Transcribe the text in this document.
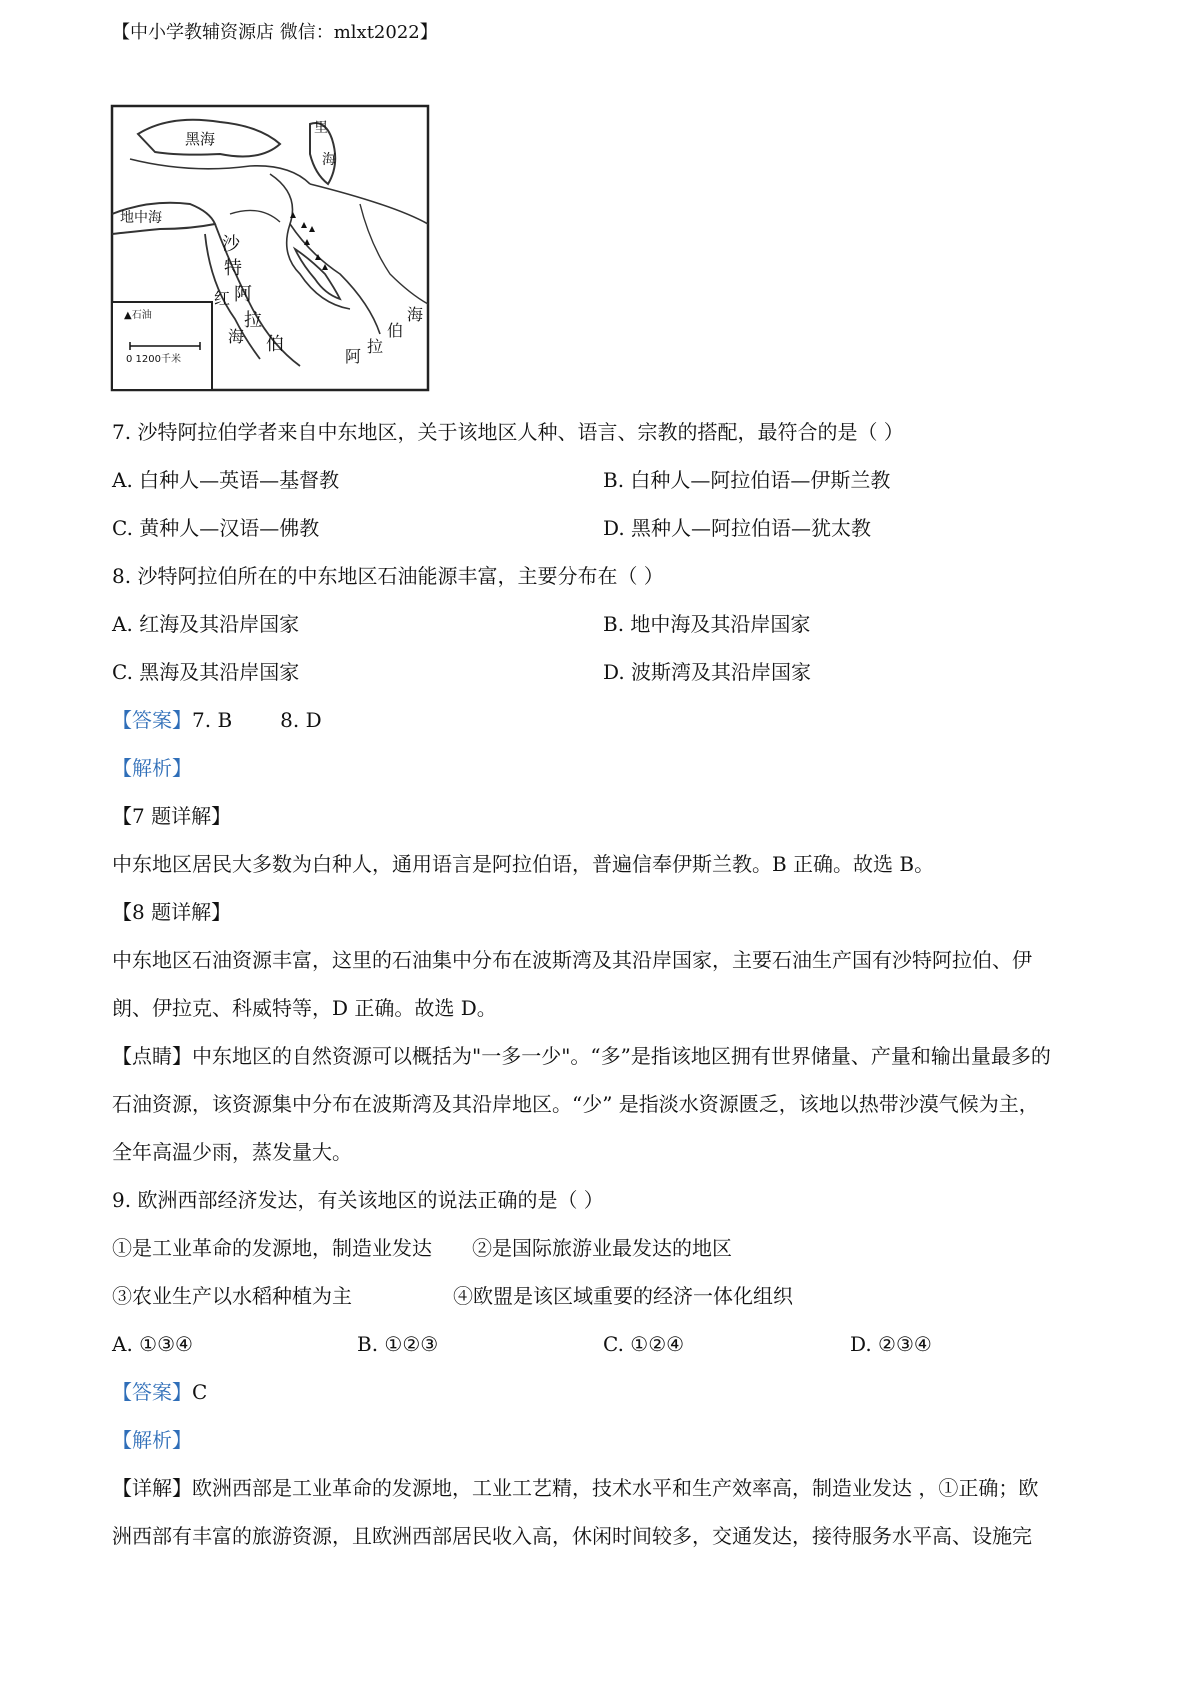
【中小学教辅资源店 微信：mlxt2022】
黑海
里
海
地中海
沙
特
阿
拉
伯
红
海
阿
拉
伯
海
▲石油
0 1200千米
7. 沙特阿拉伯学者来自中东地区，关于该地区人种、语言、宗教的搭配，最符合的是（ ）
A. 白种人—英语—基督教	B. 白种人—阿拉伯语—伊斯兰教
C. 黄种人—汉语—佛教	D. 黑种人—阿拉伯语—犹太教
8. 沙特阿拉伯所在的中东地区石油能源丰富，主要分布在（ ）
A. 红海及其沿岸国家	B. 地中海及其沿岸国家
C. 黑海及其沿岸国家	D. 波斯湾及其沿岸国家
【答案】7. B 8. D
【解析】
【7 题详解】
中东地区居民大多数为白种人，通用语言是阿拉伯语，普遍信奉伊斯兰教。B 正确。故选 B。
【8 题详解】
中东地区石油资源丰富，这里的石油集中分布在波斯湾及其沿岸国家，主要石油生产国有沙特阿拉伯、伊
朗、伊拉克、科威特等，D 正确。故选 D。
【点睛】中东地区的自然资源可以概括为"一多一少"。“多”是指该地区拥有世界储量、产量和输出量最多的
石油资源，该资源集中分布在波斯湾及其沿岸地区。“少” 是指淡水资源匮乏，该地以热带沙漠气候为主，
全年高温少雨，蒸发量大。
9. 欧洲西部经济发达，有关该地区的说法正确的是（ ）
①是工业革命的发源地，制造业发达 ②是国际旅游业最发达的地区
③农业生产以水稻种植为主	④欧盟是该区域重要的经济一体化组织
A. ①③④	B. ①②③	C. ①②④	D. ②③④
【答案】C
【解析】
【详解】欧洲西部是工业革命的发源地，工业工艺精，技术水平和生产效率高，制造业发达 ，①正确；欧
洲西部有丰富的旅游资源，且欧洲西部居民收入高，休闲时间较多，交通发达，接待服务水平高、设施完
